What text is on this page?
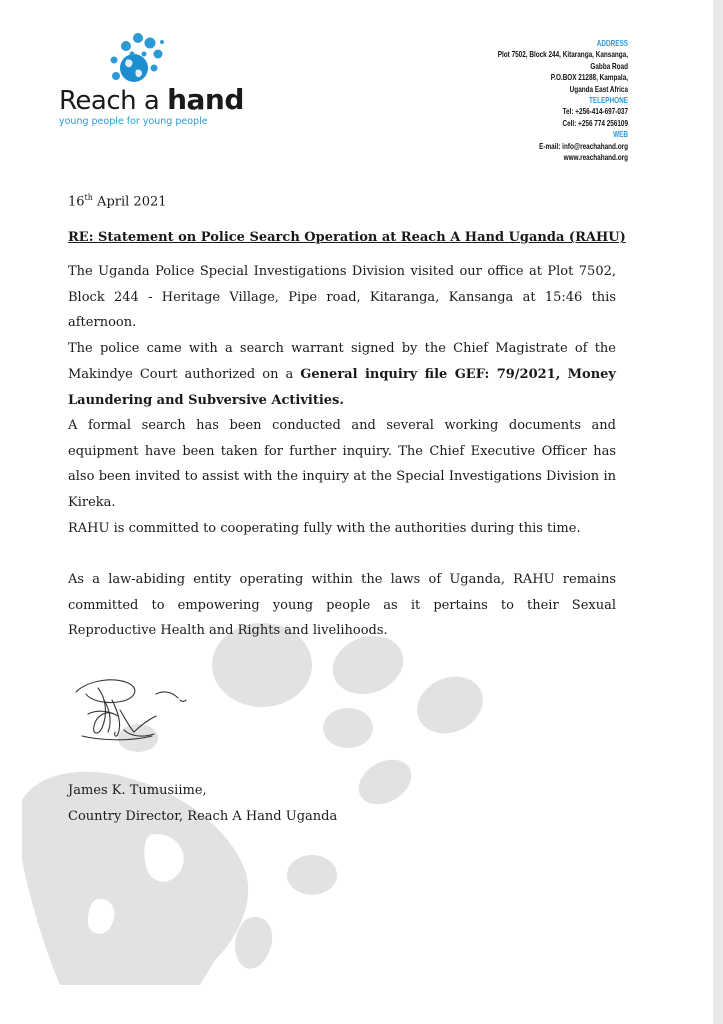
Reach a hand
young people for young people
ADDRESS
Plot 7502, Block 244, Kitaranga, Kansanga,
Gabba Road
P.O.BOX 21288, Kampala,
Uganda East Africa
TELEPHONE
Tel: +256-414-697-037
Cell: +256 774 256109
WEB
E-mail: info@reachahand.org
www.reachahand.org
16th April 2021
RE: Statement on Police Search Operation at Reach A Hand Uganda (RAHU)
The Uganda Police Special Investigations Division visited our office at Plot 7502, Block 244 - Heritage Village, Pipe road, Kitaranga, Kansanga at 15:46 this afternoon.
The police came with a search warrant signed by the Chief Magistrate of the Makindye Court authorized on a General inquiry file GEF: 79/2021, Money Laundering and Subversive Activities.
A formal search has been conducted and several working documents and equipment have been taken for further inquiry. The Chief Executive Officer has also been invited to assist with the inquiry at the Special Investigations Division in Kireka.
RAHU is committed to cooperating fully with the authorities during this time.
As a law-abiding entity operating within the laws of Uganda, RAHU remains committed to empowering young people as it pertains to their Sexual Reproductive Health and Rights and livelihoods.
James K. Tumusiime,
Country Director, Reach A Hand Uganda
